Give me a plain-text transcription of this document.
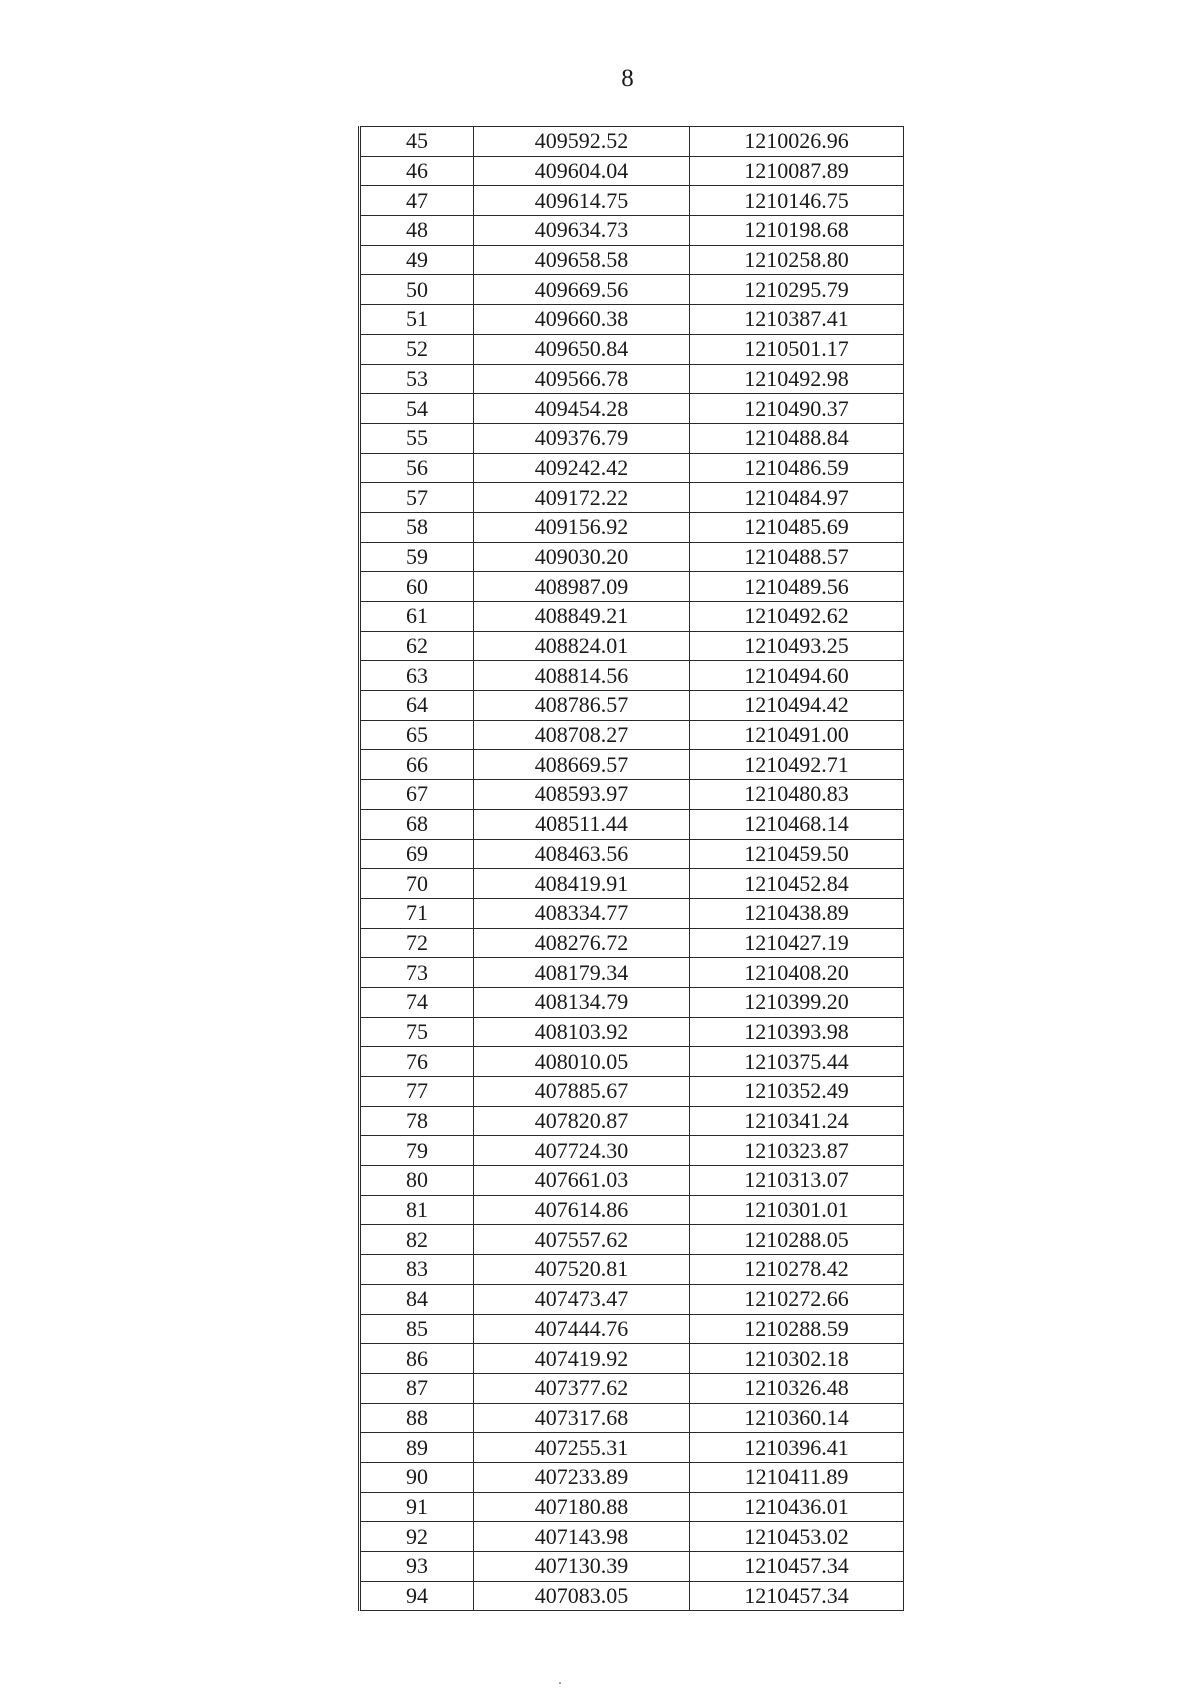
8
45	409592.52	1210026.96
46	409604.04	1210087.89
47	409614.75	1210146.75
48	409634.73	1210198.68
49	409658.58	1210258.80
50	409669.56	1210295.79
51	409660.38	1210387.41
52	409650.84	1210501.17
53	409566.78	1210492.98
54	409454.28	1210490.37
55	409376.79	1210488.84
56	409242.42	1210486.59
57	409172.22	1210484.97
58	409156.92	1210485.69
59	409030.20	1210488.57
60	408987.09	1210489.56
61	408849.21	1210492.62
62	408824.01	1210493.25
63	408814.56	1210494.60
64	408786.57	1210494.42
65	408708.27	1210491.00
66	408669.57	1210492.71
67	408593.97	1210480.83
68	408511.44	1210468.14
69	408463.56	1210459.50
70	408419.91	1210452.84
71	408334.77	1210438.89
72	408276.72	1210427.19
73	408179.34	1210408.20
74	408134.79	1210399.20
75	408103.92	1210393.98
76	408010.05	1210375.44
77	407885.67	1210352.49
78	407820.87	1210341.24
79	407724.30	1210323.87
80	407661.03	1210313.07
81	407614.86	1210301.01
82	407557.62	1210288.05
83	407520.81	1210278.42
84	407473.47	1210272.66
85	407444.76	1210288.59
86	407419.92	1210302.18
87	407377.62	1210326.48
88	407317.68	1210360.14
89	407255.31	1210396.41
90	407233.89	1210411.89
91	407180.88	1210436.01
92	407143.98	1210453.02
93	407130.39	1210457.34
94	407083.05	1210457.34
